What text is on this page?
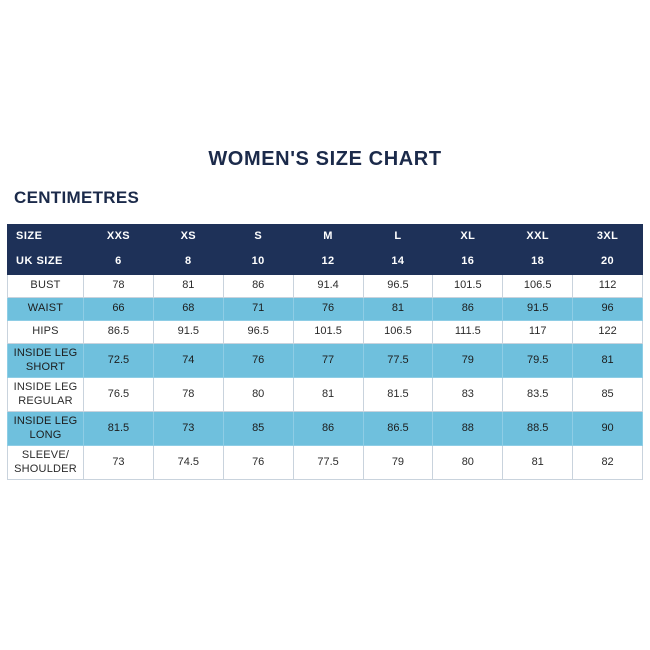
WOMEN'S SIZE CHART
CENTIMETRES
SIZE	XXS	XS	S	M	L	XL	XXL	3XL
UK SIZE	6	8	10	12	14	16	18	20
BUST	78	81	86	91.4	96.5	101.5	106.5	112
WAIST	66	68	71	76	81	86	91.5	96
HIPS	86.5	91.5	96.5	101.5	106.5	111.5	117	122
INSIDE LEG SHORT	72.5	74	76	77	77.5	79	79.5	81
INSIDE LEG REGULAR	76.5	78	80	81	81.5	83	83.5	85
INSIDE LEG LONG	81.5	73	85	86	86.5	88	88.5	90
SLEEVE/ SHOULDER	73	74.5	76	77.5	79	80	81	82
